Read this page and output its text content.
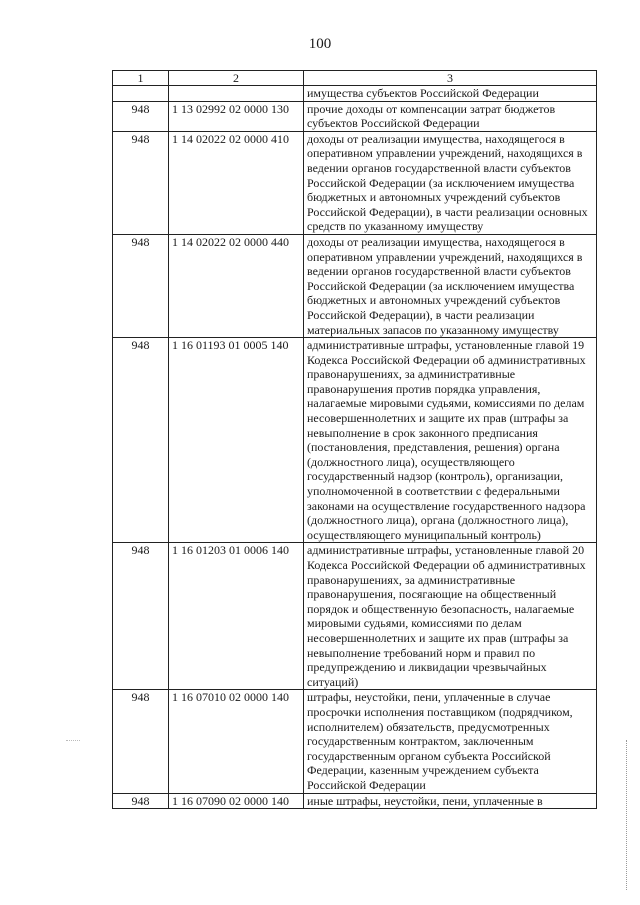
100
1	2	3
		имущества субъектов Российской Федерации
948	1 13 02992 02 0000 130	прочие доходы от компенсации затрат бюджетов субъектов Российской Федерации
948	1 14 02022 02 0000 410	доходы от реализации имущества, находящегося в оперативном управлении учреждений, находящихся в ведении органов государственной власти субъектов Российской Федерации (за исключением имущества бюджетных и автономных учреждений субъектов Российской Федерации), в части реализации основных средств по указанному имуществу
948	1 14 02022 02 0000 440	доходы от реализации имущества, находящегося в оперативном управлении учреждений, находящихся в ведении органов государственной власти субъектов Российской Федерации (за исключением имущества бюджетных и автономных учреждений субъектов Российской Федерации), в части реализации материальных запасов по указанному имуществу
948	1 16 01193 01 0005 140	административные штрафы, установленные главой 19 Кодекса Российской Федерации об административных правонарушениях, за административные правонарушения против порядка управления, налагаемые мировыми судьями, комиссиями по делам несовершеннолетних и защите их прав (штрафы за невыполнение в срок законного предписания (постановления, представления, решения) органа (должностного лица), осуществляющего государственный надзор (контроль), организации, уполномоченной в соответствии с федеральными законами на осуществление государственного надзора (должностного лица), органа (должностного лица), осуществляющего муниципальный контроль)
948	1 16 01203 01 0006 140	административные штрафы, установленные главой 20 Кодекса Российской Федерации об административных правонарушениях, за административные правонарушения, посягающие на общественный порядок и общественную безопасность, налагаемые мировыми судьями, комиссиями по делам несовершеннолетних и защите их прав (штрафы за невыполнение требований норм и правил по предупреждению и ликвидации чрезвычайных ситуаций)
948	1 16 07010 02 0000 140	штрафы, неустойки, пени, уплаченные в случае просрочки исполнения поставщиком (подрядчиком, исполнителем) обязательств, предусмотренных государственным контрактом, заключенным государственным органом субъекта Российской Федерации, казенным учреждением субъекта Российской Федерации
948	1 16 07090 02 0000 140	иные штрафы, неустойки, пени, уплаченные в
